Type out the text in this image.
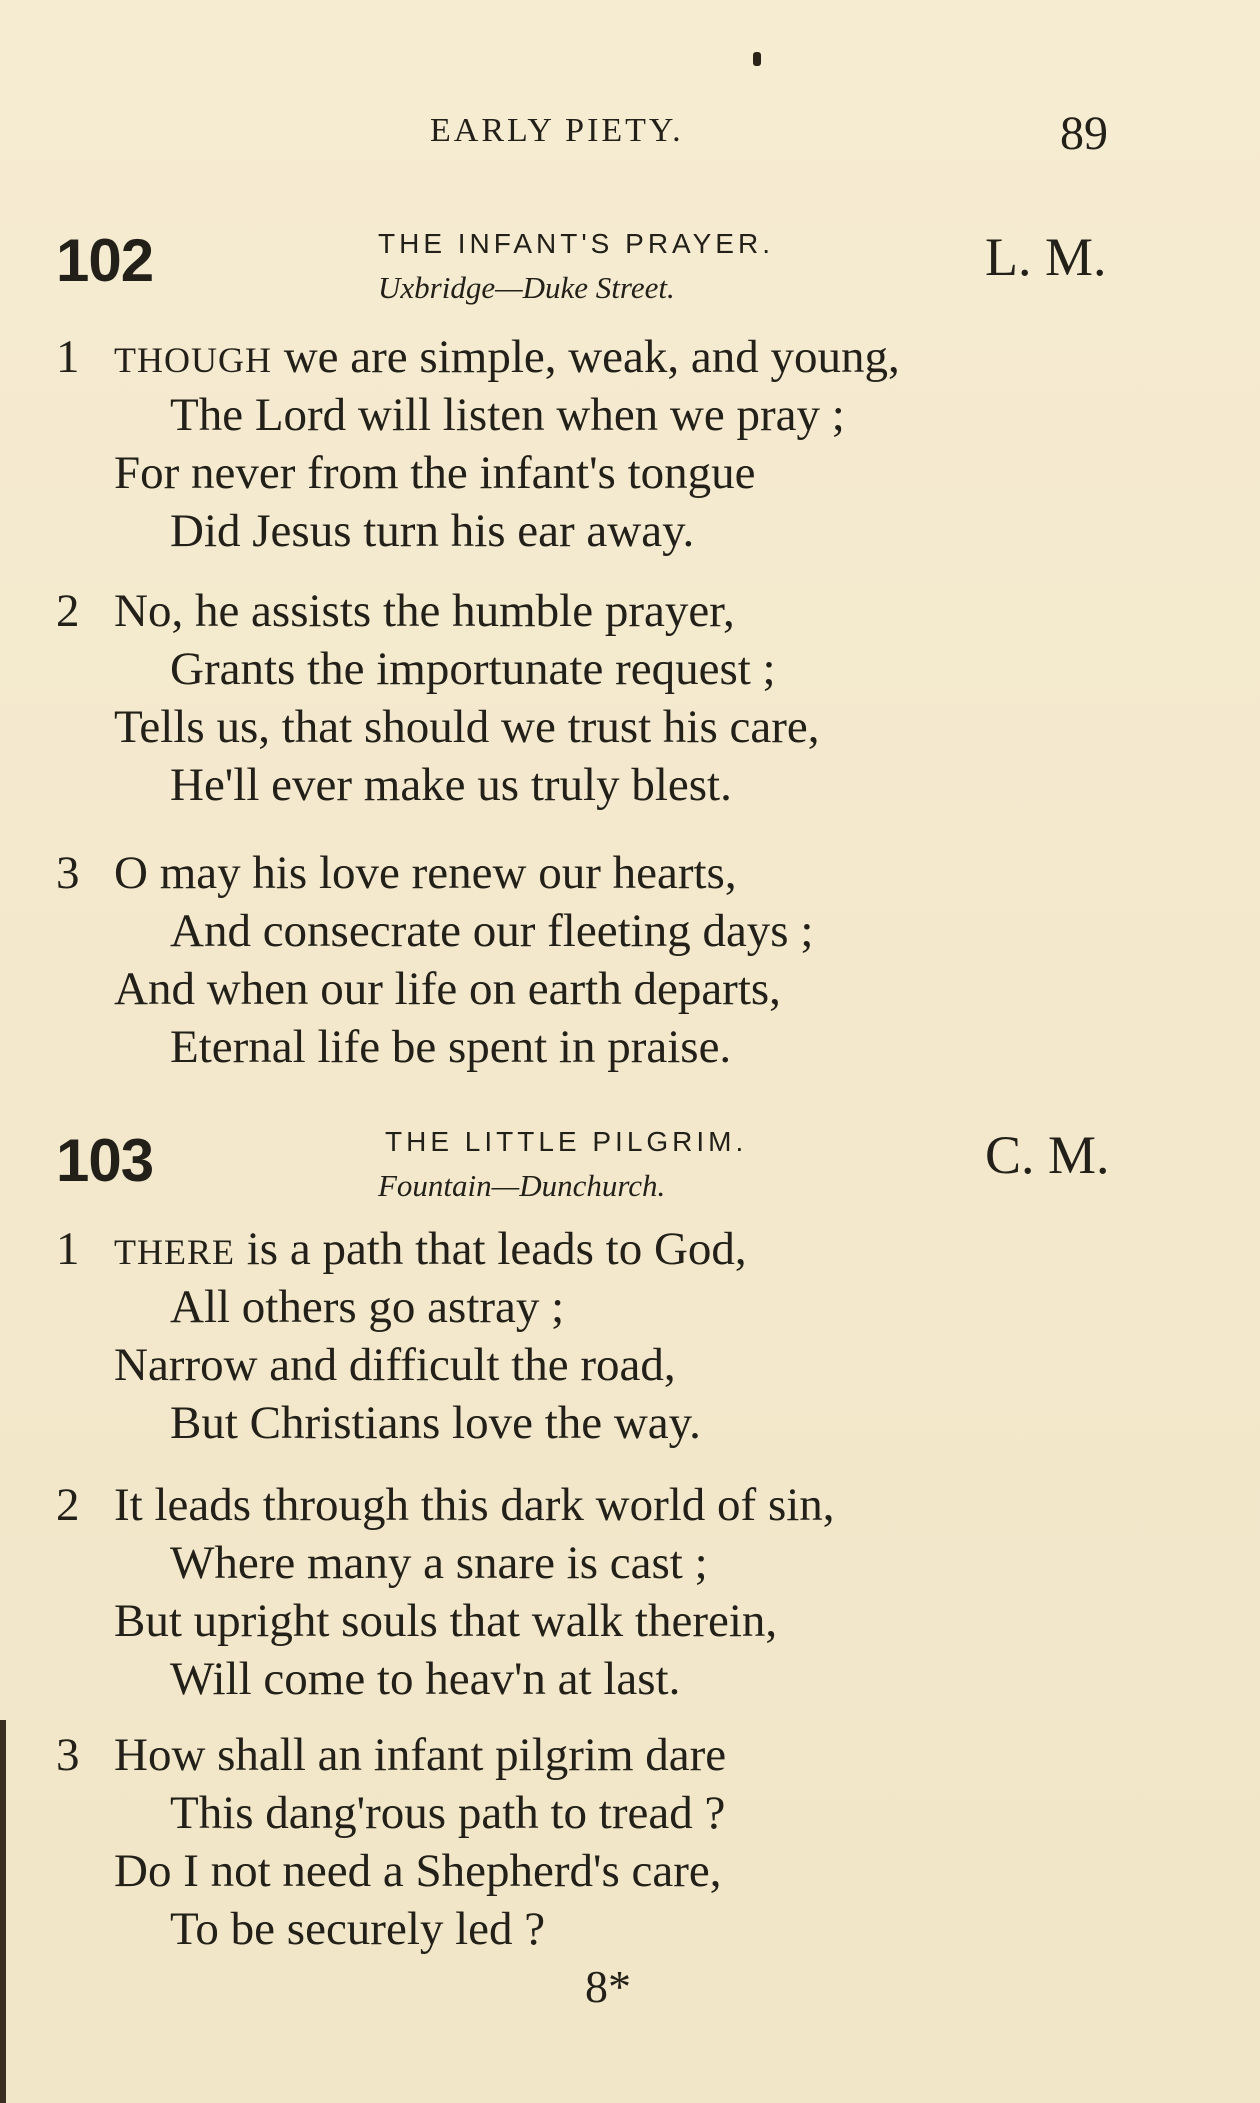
EARLY PIETY.	89
102	THE INFANT'S PRAYER.
Uxbridge—Duke Street.
L. M.
1 THOUGH we are simple, weak, and young,
The Lord will listen when we pray ;
For never from the infant's tongue
Did Jesus turn his ear away.
2 No, he assists the humble prayer,
Grants the importunate request ;
Tells us, that should we trust his care,
He'll ever make us truly blest.
3 O may his love renew our hearts,
And consecrate our fleeting days ;
And when our life on earth departs,
Eternal life be spent in praise.
103	THE LITTLE PILGRIM.
Fountain—Dunchurch.
C. M.
1 THERE is a path that leads to God,
All others go astray ;
Narrow and difficult the road,
But Christians love the way.
2 It leads through this dark world of sin,
Where many a snare is cast ;
But upright souls that walk therein,
Will come to heav'n at last.
3 How shall an infant pilgrim dare
This dang'rous path to tread ?
Do I not need a Shepherd's care,
To be securely led ?
8*
